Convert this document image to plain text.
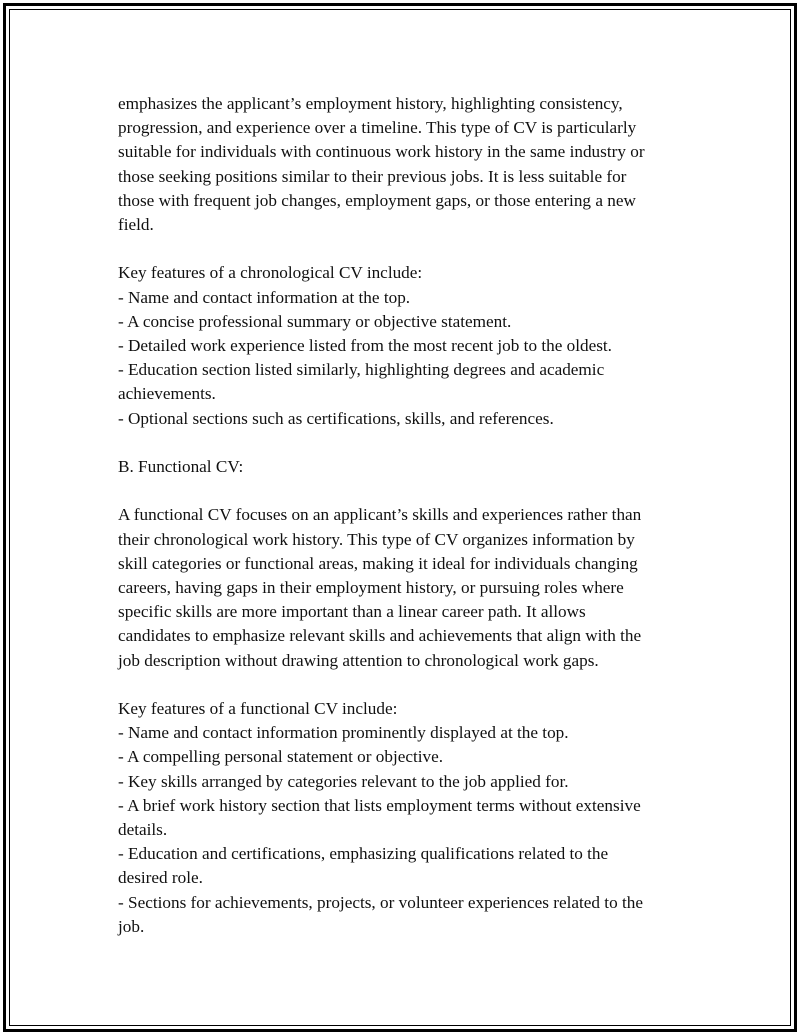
emphasizes the applicant’s employment history, highlighting consistency,
progression, and experience over a timeline. This type of CV is particularly
suitable for individuals with continuous work history in the same industry or
those seeking positions similar to their previous jobs. It is less suitable for
those with frequent job changes, employment gaps, or those entering a new
field.

Key features of a chronological CV include:
- Name and contact information at the top.
- A concise professional summary or objective statement.
- Detailed work experience listed from the most recent job to the oldest.
- Education section listed similarly, highlighting degrees and academic
achievements.
- Optional sections such as certifications, skills, and references.

B. Functional CV:

A functional CV focuses on an applicant’s skills and experiences rather than
their chronological work history. This type of CV organizes information by
skill categories or functional areas, making it ideal for individuals changing
careers, having gaps in their employment history, or pursuing roles where
specific skills are more important than a linear career path. It allows
candidates to emphasize relevant skills and achievements that align with the
job description without drawing attention to chronological work gaps.

Key features of a functional CV include:
- Name and contact information prominently displayed at the top.
- A compelling personal statement or objective.
- Key skills arranged by categories relevant to the job applied for.
- A brief work history section that lists employment terms without extensive
details.
- Education and certifications, emphasizing qualifications related to the
desired role.
- Sections for achievements, projects, or volunteer experiences related to the
job.
